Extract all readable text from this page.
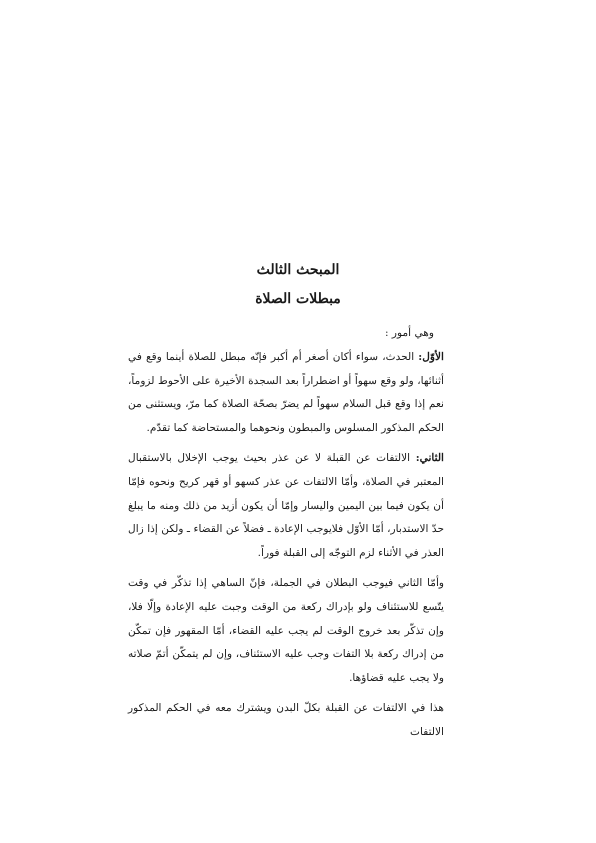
المبحث الثالث
مبطلات الصلاة
وهي أمور :

الأوّل: الحدث، سواء أكان أصغر أم أكبر فإنّه مبطل للصلاة أينما وقع في أثنائها، ولو وقع سهواً أو اضطراراً بعد السجدة الأخيرة على الأحوط لزوماً، نعم إذا وقع قبل السلام سهواً لم يضرّ بصحّة الصلاة كما مرّ، ويستثنى من الحكم المذكور المسلوس والمبطون ونحوهما والمستحاضة كما تقدّم.

الثاني: الالتفات عن القبلة لا عن عذر بحيث يوجب الإخلال بالاستقبال المعتبر في الصلاة، وأمّا الالتفات عن عذر كسهو أو قهر كريح ونحوه فإمّا أن يكون فيما بين اليمين واليسار وإمّا أن يكون أزيد من ذلك ومنه ما يبلغ حدّ الاستدبار، أمّا الأوّل فلايوجب الإعادة ـ فضلاً عن القضاء ـ ولكن إذا زال العذر في الأثناء لزم التوجّه إلى القبلة فوراً.

وأمّا الثاني فيوجب البطلان في الجملة، فإنّ الساهي إذا تذكّر في وقت يتّسع للاستئناف ولو بإدراك ركعة من الوقت وجبت عليه الإعادة وإلّا فلا، وإن تذكّر بعد خروج الوقت لم يجب عليه القضاء، أمّا المقهور فإن تمكّن من إدراك ركعة بلا التفات وجب عليه الاستئناف، وإن لم يتمكّن أتمّ صلاته ولا يجب عليه قضاؤها.

هذا في الالتفات عن القبلة بكلّ البدن ويشترك معه في الحكم المذكور الالتفات
